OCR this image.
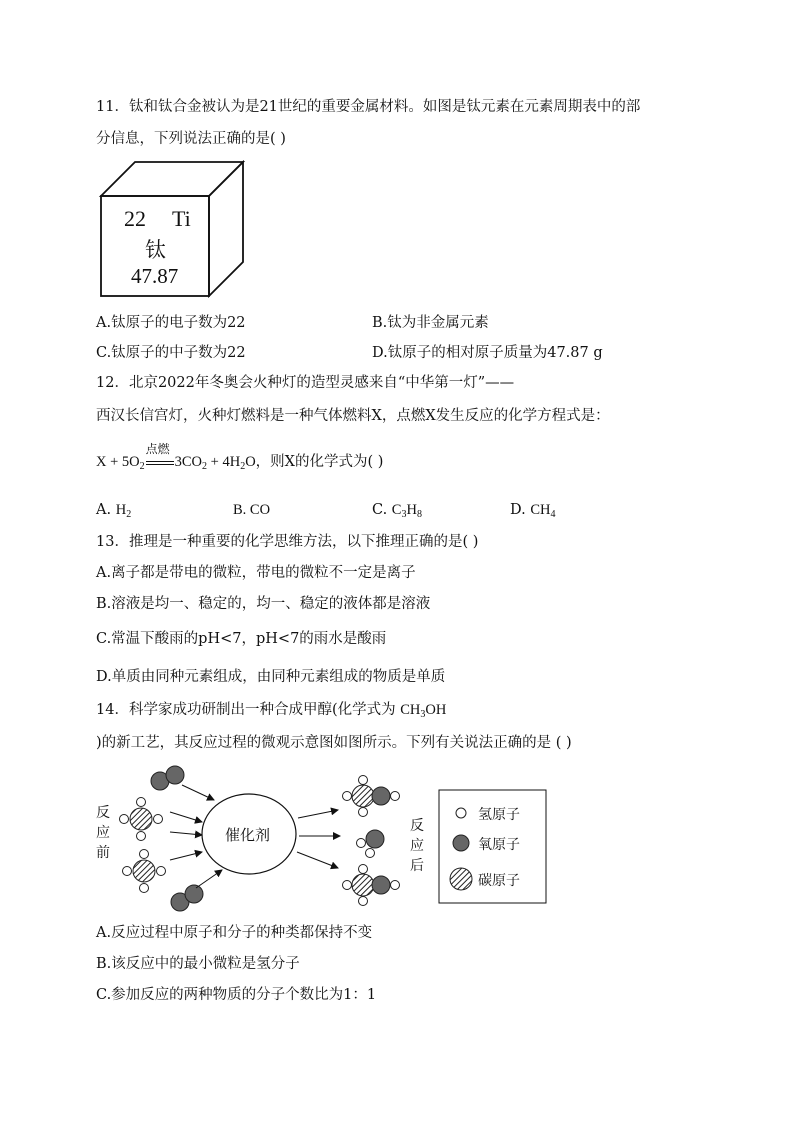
11．钛和钛合金被认为是21世纪的重要金属材料。如图是钛元素在元素周期表中的部
分信息，下列说法正确的是( )
22 Ti
钛
47.87
A.钛原子的电子数为22	B.钛为非金属元素
C.钛原子的中子数为22	D.钛原子的相对原子质量为47.87 g
12．北京2022年冬奥会火种灯的造型灵感来自“中华第一灯”——
西汉长信宫灯，火种灯燃料是一种气体燃料X，点燃X发生反应的化学方程式是：
$X + 5O_2$
点燃
$3CO_2 + 4H_2O$，则X的化学式为( )
A. $H_2$	B. CO	C. $C_3H_8$	D. $CH_4$
13．推理是一种重要的化学思维方法，以下推理正确的是( )
A.离子都是带电的微粒，带电的微粒不一定是离子
B.溶液是均一、稳定的，均一、稳定的液体都是溶液
C.常温下酸雨的pH<7，pH<7的雨水是酸雨
D.单质由同种元素组成，由同种元素组成的物质是单质
14．科学家成功研制出一种合成甲醇(化学式为 $CH_3OH$
)的新工艺，其反应过程的微观示意图如图所示。下列有关说法正确的是 ( )
反
应
前
催化剂	反
应
后
氢原子
氧原子
碳原子
A.反应过程中原子和分子的种类都保持不变
B.该反应中的最小微粒是氢分子
C.参加反应的两种物质的分子个数比为1：1
